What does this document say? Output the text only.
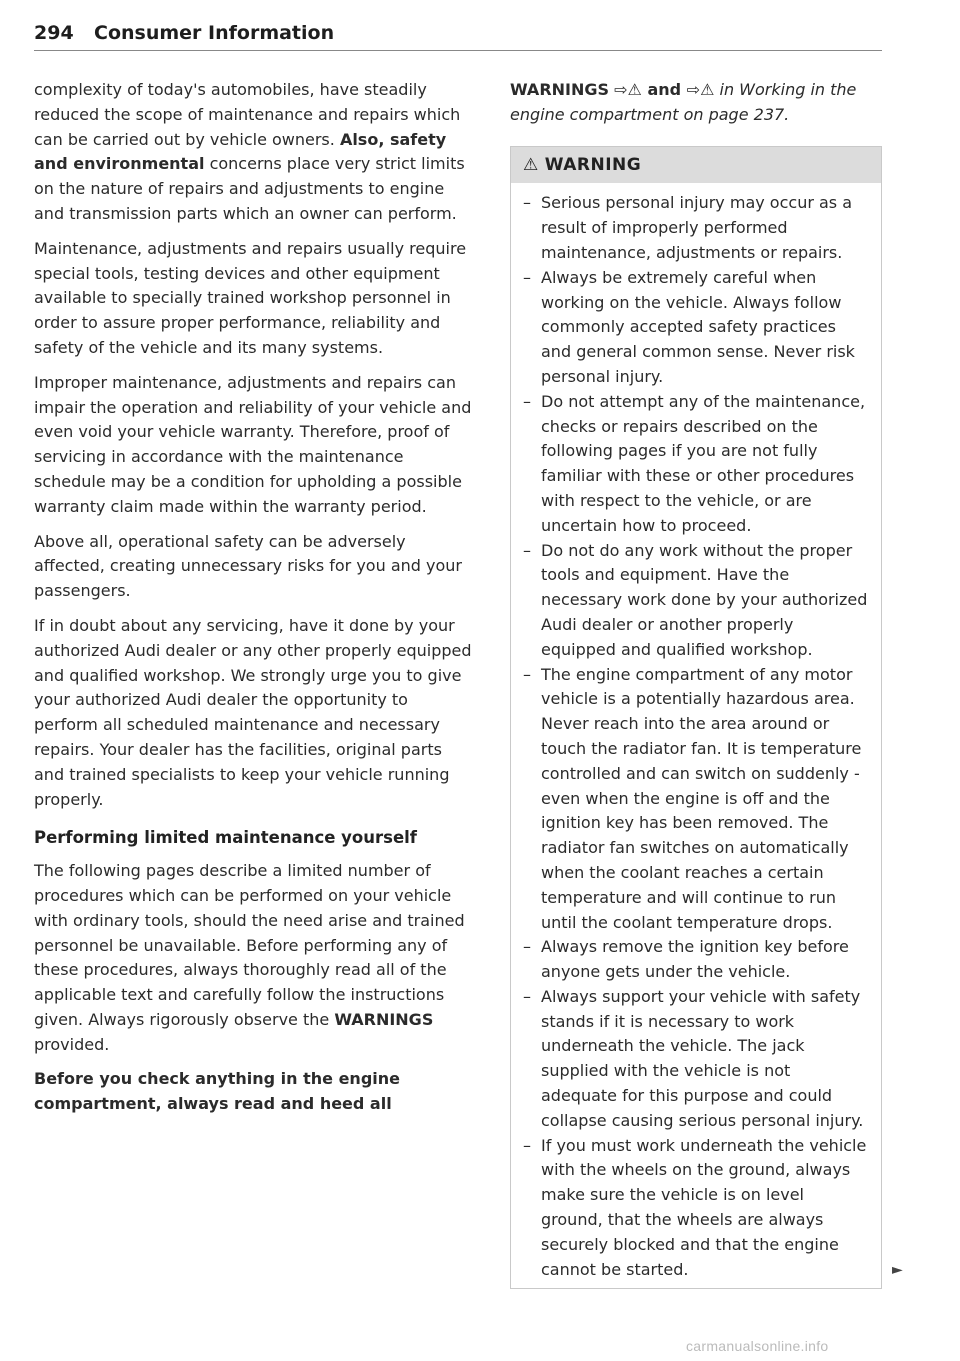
294 Consumer Information

complexity of today's automobiles, have steadily reduced the scope of maintenance and repairs which can be carried out by vehicle owners. Also, safety and environmental concerns place very strict limits on the nature of repairs and adjustments to engine and transmission parts which an owner can perform.

Maintenance, adjustments and repairs usually require special tools, testing devices and other equipment available to specially trained workshop personnel in order to assure proper performance, reliability and safety of the vehicle and its many systems.

Improper maintenance, adjustments and repairs can impair the operation and reliability of your vehicle and even void your vehicle warranty. Therefore, proof of servicing in accordance with the maintenance schedule may be a condition for upholding a possible warranty claim made within the warranty period.

Above all, operational safety can be adversely affected, creating unnecessary risks for you and your passengers.

If in doubt about any servicing, have it done by your authorized Audi dealer or any other properly equipped and qualified workshop. We strongly urge you to give your authorized Audi dealer the opportunity to perform all scheduled maintenance and necessary repairs. Your dealer has the facilities, original parts and trained specialists to keep your vehicle running properly.

Performing limited maintenance yourself

The following pages describe a limited number of procedures which can be performed on your vehicle with ordinary tools, should the need arise and trained personnel be unavailable. Before performing any of these procedures, always thoroughly read all of the applicable text and carefully follow the instructions given. Always rigorously observe the WARNINGS provided.

Before you check anything in the engine compartment, always read and heed all

WARNINGS ⇨⚠ and ⇨⚠ in Working in the engine compartment on page 237.

⚠ WARNING
– Serious personal injury may occur as a result of improperly performed maintenance, adjustments or repairs.
– Always be extremely careful when working on the vehicle. Always follow commonly accepted safety practices and general common sense. Never risk personal injury.
– Do not attempt any of the maintenance, checks or repairs described on the following pages if you are not fully familiar with these or other procedures with respect to the vehicle, or are uncertain how to proceed.
– Do not do any work without the proper tools and equipment. Have the necessary work done by your authorized Audi dealer or another properly equipped and qualified workshop.
– The engine compartment of any motor vehicle is a potentially hazardous area. Never reach into the area around or touch the radiator fan. It is temperature controlled and can switch on suddenly - even when the engine is off and the ignition key has been removed. The radiator fan switches on automatically when the coolant reaches a certain temperature and will continue to run until the coolant temperature drops.
– Always remove the ignition key before anyone gets under the vehicle.
– Always support your vehicle with safety stands if it is necessary to work underneath the vehicle. The jack supplied with the vehicle is not adequate for this purpose and could collapse causing serious personal injury.
– If you must work underneath the vehicle with the wheels on the ground, always make sure the vehicle is on level ground, that the wheels are always securely blocked and that the engine cannot be started.	►
carmanualsonline.info
